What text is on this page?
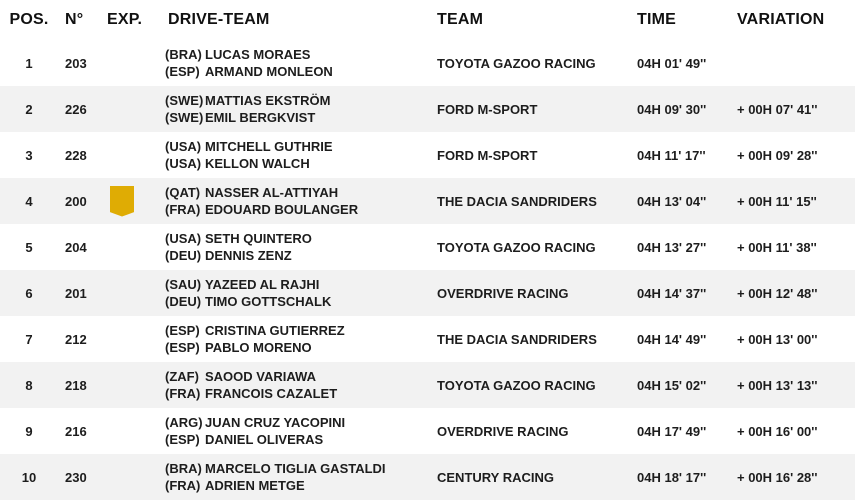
POS.	N°	EXP.	DRIVE-TEAM	TEAM	TIME	VARIATION
1	203
(BRA) LUCAS MORAES
(ESP) ARMAND MONLEON
TOYOTA GAZOO RACING	04H 01' 49''
2	226
(SWE) MATTIAS EKSTRÖM
(SWE) EMIL BERGKVIST
FORD M-SPORT	04H 09' 30''	+ 00H 07' 41''
3	228
(USA) MITCHELL GUTHRIE
(USA) KELLON WALCH
FORD M-SPORT	04H 11' 17''	+ 00H 09' 28''
4	200
(QAT) NASSER AL-ATTIYAH
(FRA) EDOUARD BOULANGER
THE DACIA SANDRIDERS	04H 13' 04''	+ 00H 11' 15''
5	204
(USA) SETH QUINTERO
(DEU) DENNIS ZENZ
TOYOTA GAZOO RACING	04H 13' 27''	+ 00H 11' 38''
6	201
(SAU) YAZEED AL RAJHI
(DEU) TIMO GOTTSCHALK
OVERDRIVE RACING	04H 14' 37''	+ 00H 12' 48''
7	212
(ESP) CRISTINA GUTIERREZ
(ESP) PABLO MORENO
THE DACIA SANDRIDERS	04H 14' 49''	+ 00H 13' 00''
8	218
(ZAF) SAOOD VARIAWA
(FRA) FRANCOIS CAZALET
TOYOTA GAZOO RACING	04H 15' 02''	+ 00H 13' 13''
9	216
(ARG) JUAN CRUZ YACOPINI
(ESP) DANIEL OLIVERAS
OVERDRIVE RACING	04H 17' 49''	+ 00H 16' 00''
10	230
(BRA) MARCELO TIGLIA GASTALDI
(FRA) ADRIEN METGE
CENTURY RACING	04H 18' 17''	+ 00H 16' 28''
